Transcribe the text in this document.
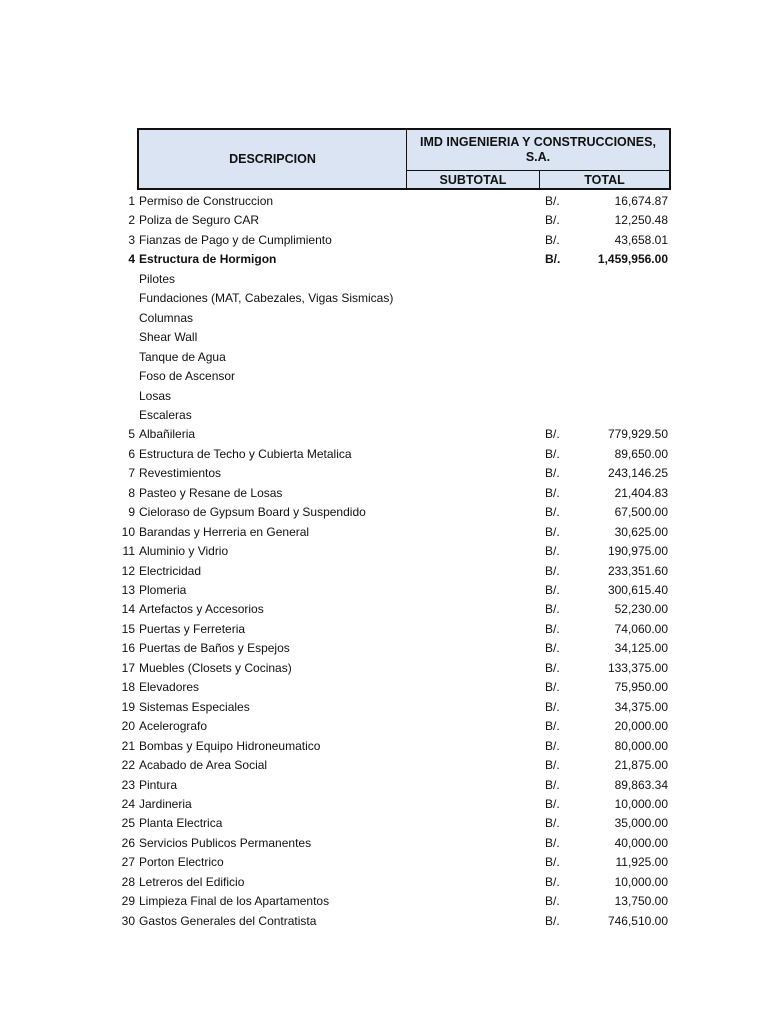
DESCRIPCION
IMD INGENIERIA Y CONSTRUCCIONES, S.A.
SUBTOTAL	TOTAL
1 Permiso de Construccion	B/.	16,674.87
2 Poliza de Seguro CAR	B/.	12,250.48
3 Fianzas de Pago y de Cumplimiento	B/.	43,658.01
4 Estructura de Hormigon	B/.	1,459,956.00
Pilotes
Fundaciones (MAT, Cabezales, Vigas Sismicas)
Columnas
Shear Wall
Tanque de Agua
Foso de Ascensor
Losas
Escaleras
5 Albañileria	B/.	779,929.50
6 Estructura de Techo y Cubierta Metalica	B/.	89,650.00
7 Revestimientos	B/.	243,146.25
8 Pasteo y Resane de Losas	B/.	21,404.83
9 Cieloraso de Gypsum Board y Suspendido	B/.	67,500.00
10 Barandas y Herreria en General	B/.	30,625.00
11 Aluminio y Vidrio	B/.	190,975.00
12 Electricidad	B/.	233,351.60
13 Plomeria	B/.	300,615.40
14 Artefactos y Accesorios	B/.	52,230.00
15 Puertas y Ferreteria	B/.	74,060.00
16 Puertas de Baños y Espejos	B/.	34,125.00
17 Muebles (Closets y Cocinas)	B/.	133,375.00
18 Elevadores	B/.	75,950.00
19 Sistemas Especiales	B/.	34,375.00
20 Acelerografo	B/.	20,000.00
21 Bombas y Equipo Hidroneumatico	B/.	80,000.00
22 Acabado de Area Social	B/.	21,875.00
23 Pintura	B/.	89,863.34
24 Jardineria	B/.	10,000.00
25 Planta Electrica	B/.	35,000.00
26 Servicios Publicos Permanentes	B/.	40,000.00
27 Porton Electrico	B/.	11,925.00
28 Letreros del Edificio	B/.	10,000.00
29 Limpieza Final de los Apartamentos	B/.	13,750.00
30 Gastos Generales del Contratista	B/.	746,510.00
